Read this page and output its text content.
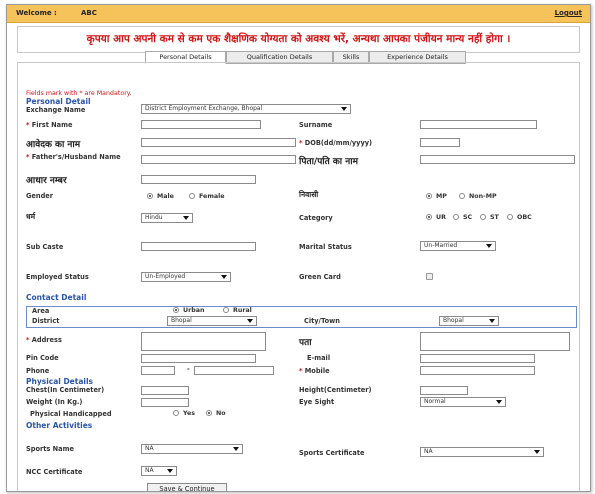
Welcome :	ABC	Logout
कृपया आप अपनी कम से कम एक शैक्षणिक योग्यता को अवश्य भरें, अन्यथा आपका पंजीयन मान्य नहीं होगा ।
Personal Details	Qualification Details	Skills	Experience Details
Fields mark with * are Mandatory.
Personal Detail
Exchange Name	District Employment Exchange, Bhopal
* First Name	Surname
आवेदक का नाम	* DOB(dd/mm/yyyy)
* Father's/Husband Name	पिता/पति का नाम
आधार नम्बर
Gender	Male	Female	निवासी	MP	Non-MP
धर्म	Hindu	Category	UR	SC	ST	OBC
Sub Caste	Marital Status	Un-Married
Employed Status	Un-Employed	Green Card
Contact Detail
Area	Urban	Rural
District	Bhopal	City/Town	Bhopal
* Address	पता
Pin Code	E-mail
Phone	-	* Mobile
Physical Details
Chest(In Centimeter)	Height(Centimeter)
Weight (In Kg.)	Eye Sight	Normal
Physical Handicapped	Yes	No
Other Activities
Sports Name	NA
Sports Certificate	NA
NCC Certificate	NA
Save & Continue
